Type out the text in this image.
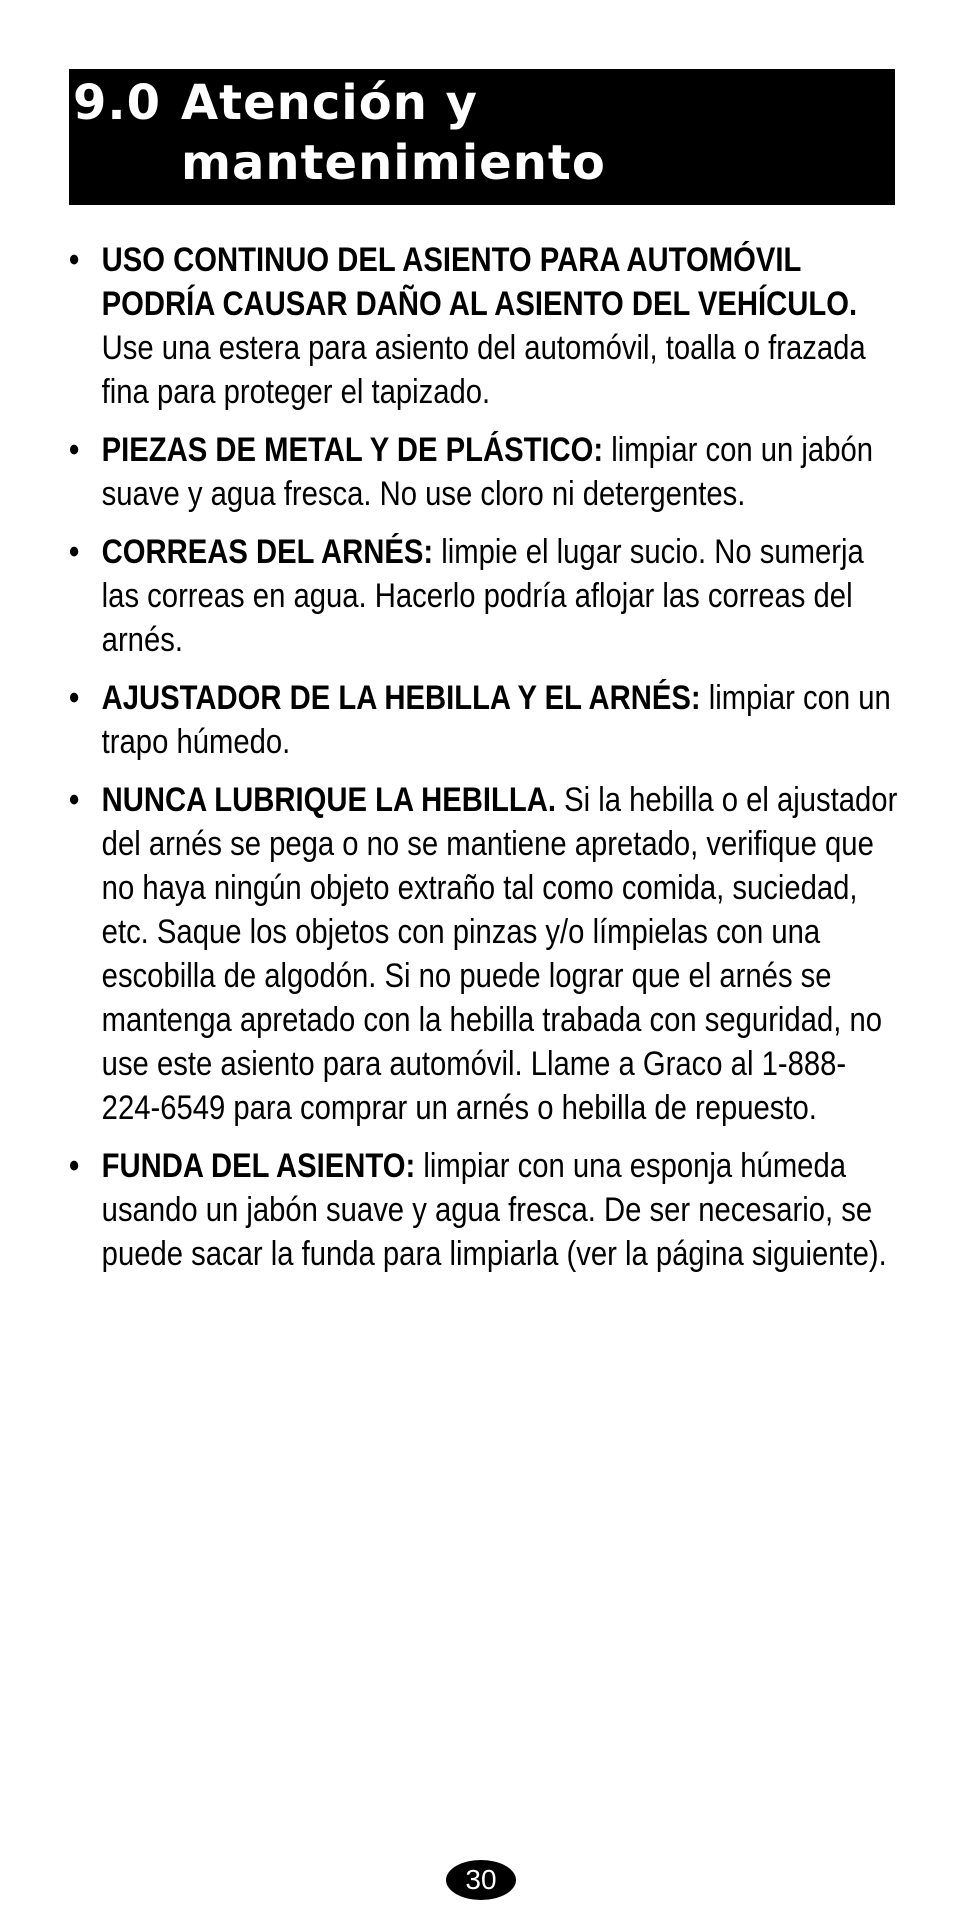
9.0 Atención y
mantenimiento
• USO CONTINUO DEL ASIENTO PARA AUTOMÓVIL PODRÍA CAUSAR DAÑO AL ASIENTO DEL VEHÍCULO. Use una estera para asiento del automóvil, toalla o frazada fina para proteger el tapizado.
• PIEZAS DE METAL Y DE PLÁSTICO: limpiar con un jabón suave y agua fresca. No use cloro ni detergentes.
• CORREAS DEL ARNÉS: limpie el lugar sucio. No sumerja las correas en agua. Hacerlo podría aflojar las correas del arnés.
• AJUSTADOR DE LA HEBILLA Y EL ARNÉS: limpiar con un trapo húmedo.
• NUNCA LUBRIQUE LA HEBILLA. Si la hebilla o el ajustador del arnés se pega o no se mantiene apretado, verifique que no haya ningún objeto extraño tal como comida, suciedad, etc. Saque los objetos con pinzas y/o límpielas con una escobilla de algodón. Si no puede lograr que el arnés se mantenga apretado con la hebilla trabada con seguridad, no use este asiento para automóvil. Llame a Graco al 1-888-224-6549 para comprar un arnés o hebilla de repuesto.
• FUNDA DEL ASIENTO: limpiar con una esponja húmeda usando un jabón suave y agua fresca. De ser necesario, se puede sacar la funda para limpiarla (ver la página siguiente).
30
